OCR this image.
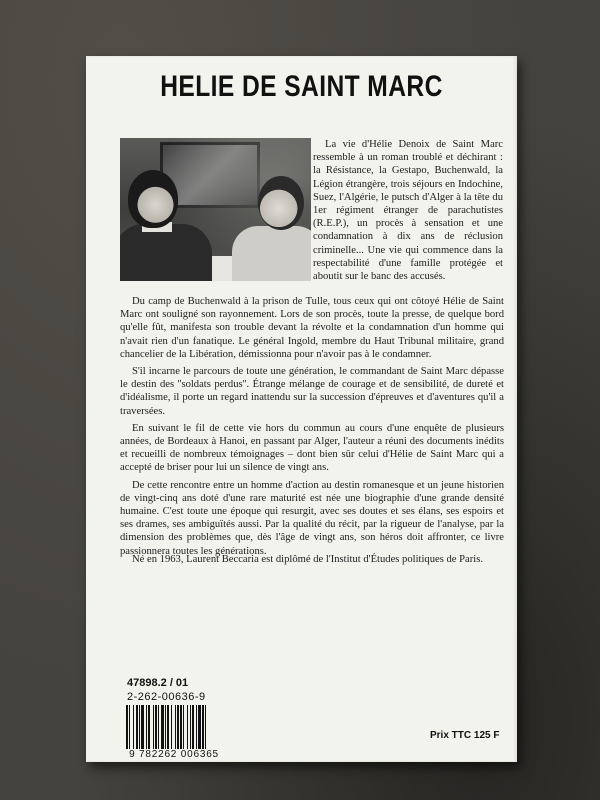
HELIE DE SAINT MARC

La vie d'Hélie Denoix de Saint Marc ressemble à un roman troublé et déchirant : la Résistance, la Gestapo, Buchenwald, la Légion étrangère, trois séjours en Indochine, Suez, l'Algérie, le putsch d'Alger à la tête du 1er régiment étranger de parachutistes (R.E.P.), un procès à sensation et une condamnation à dix ans de réclusion criminelle... Une vie qui commence dans la respectabilité d'une famille protégée et aboutit sur le banc des accusés.

Du camp de Buchenwald à la prison de Tulle, tous ceux qui ont côtoyé Hélie de Saint Marc ont souligné son rayonnement. Lors de son procès, toute la presse, de quelque bord qu'elle fût, manifesta son trouble devant la révolte et la condamnation d'un homme qui n'avait rien d'un fanatique. Le général Ingold, membre du Haut Tribunal militaire, grand chancelier de la Libération, démissionna pour n'avoir pas à le condamner.

S'il incarne le parcours de toute une génération, le commandant de Saint Marc dépasse le destin des ''soldats perdus''. Étrange mélange de courage et de sensibilité, de dureté et d'idéalisme, il porte un regard inattendu sur la succession d'épreuves et d'aventures qu'il a traversées.

En suivant le fil de cette vie hors du commun au cours d'une enquête de plusieurs années, de Bordeaux à Hanoi, en passant par Alger, l'auteur a réuni des documents inédits et recueilli de nombreux témoignages – dont bien sûr celui d'Hélie de Saint Marc qui a accepté de briser pour lui un silence de vingt ans.

De cette rencontre entre un homme d'action au destin romanesque et un jeune historien de vingt-cinq ans doté d'une rare maturité est née une biographie d'une grande densité humaine. C'est toute une époque qui resurgit, avec ses doutes et ses élans, ses espoirs et ses drames, ses ambiguïtés aussi. Par la qualité du récit, par la rigueur de l'analyse, par la dimension des problèmes que, dès l'âge de vingt ans, son héros doit affronter, ce livre passionnera toutes les générations.

Né en 1963, Laurent Beccaria est diplômé de l'Institut d'Études politiques de Paris.
47898.2 / 01
2-262-00636-9
9 782262 006365
Prix TTC 125 F
Photo Robert Cohen/Agip Maquette Daniel ARNAULT
